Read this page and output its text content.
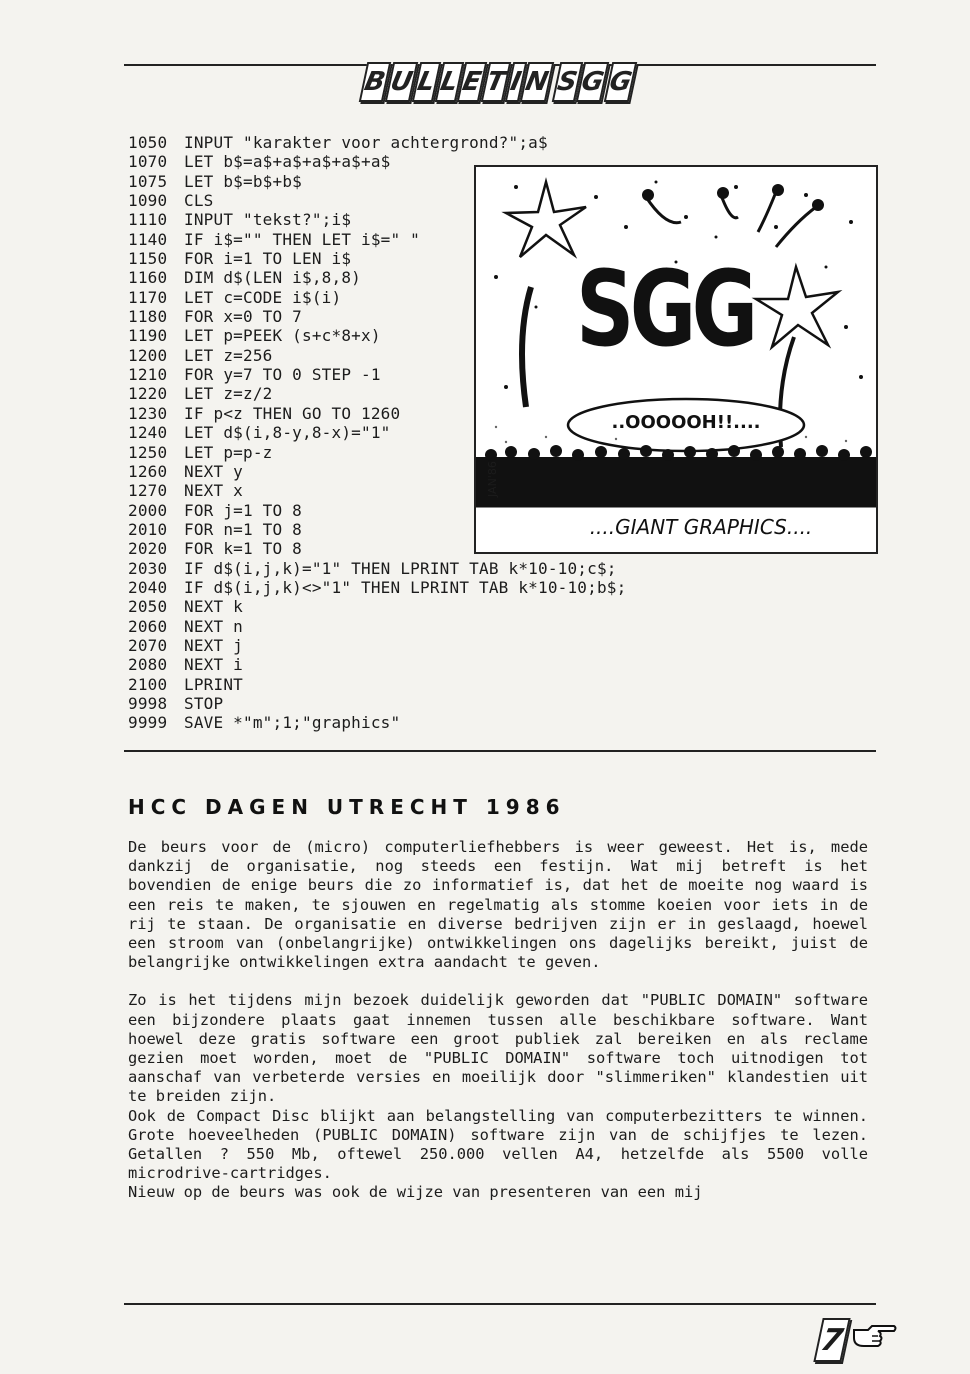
B U L L E T I N S G G
1050 INPUT "karakter voor achtergrond?";a$
1070 LET b$=a$+a$+a$+a$+a$
1075 LET b$=b$+b$
1090 CLS
1110 INPUT "tekst?";i$
1140 IF i$="" THEN LET i$=" "
1150 FOR i=1 TO LEN i$
1160 DIM d$(LEN i$,8,8)
1170 LET c=CODE i$(i)
1180 FOR x=0 TO 7
1190 LET p=PEEK (s+c*8+x)
1200 LET z=256
1210 FOR y=7 TO 0 STEP -1
1220 LET z=z/2
1230 IF p<z THEN GO TO 1260
1240 LET d$(i,8-y,8-x)="1"
1250 LET p=p-z
1260 NEXT y
1270 NEXT x
2000 FOR j=1 TO 8
2010 FOR n=1 TO 8
2020 FOR k=1 TO 8
2030 IF d$(i,j,k)="1" THEN LPRINT TAB k*10-10;c$;
2040 IF d$(i,j,k)<>"1" THEN LPRINT TAB k*10-10;b$;
2050 NEXT k
2060 NEXT n
2070 NEXT j
2080 NEXT i
2100 LPRINT
9998 STOP
9999 SAVE *"m";1;"graphics"
SGG
..OOOOOH!!....
....GIANT GRAPHICS....
JAN'86
HCC DAGEN UTRECHT 1986

De beurs voor de (micro) computerliefhebbers is weer geweest. Het is, mede dankzij de organisatie, nog steeds een festijn. Wat mij betreft is het bovendien de enige beurs die zo informatief is, dat het de moeite nog waard is een reis te maken, te sjouwen en regelmatig als stomme koeien voor iets in de rij te staan. De organisatie en diverse bedrijven zijn er in geslaagd, hoewel een stroom van (onbelangrijke) ontwikkelingen ons dagelijks bereikt, juist de belangrijke ontwikkelingen extra aandacht te geven.

Zo is het tijdens mijn bezoek duidelijk geworden dat "PUBLIC DOMAIN" software een bijzondere plaats gaat innemen tussen alle beschikbare software. Want hoewel deze gratis software een groot publiek zal bereiken en als reclame gezien moet worden, moet de "PUBLIC DOMAIN" software toch uitnodigen tot aanschaf van verbeterde versies en moeilijk door "slimmeriken" klandestien uit te breiden zijn.

Ook de Compact Disc blijkt aan belangstelling van computerbezitters te winnen. Grote hoeveelheden (PUBLIC DOMAIN) software zijn van de schijfjes te lezen. Getallen ? 550 Mb, oftewel 250.000 vellen A4, hetzelfde als 5500 volle microdrive-cartridges.

Nieuw op de beurs was ook de wijze van presenteren van een mij

7
